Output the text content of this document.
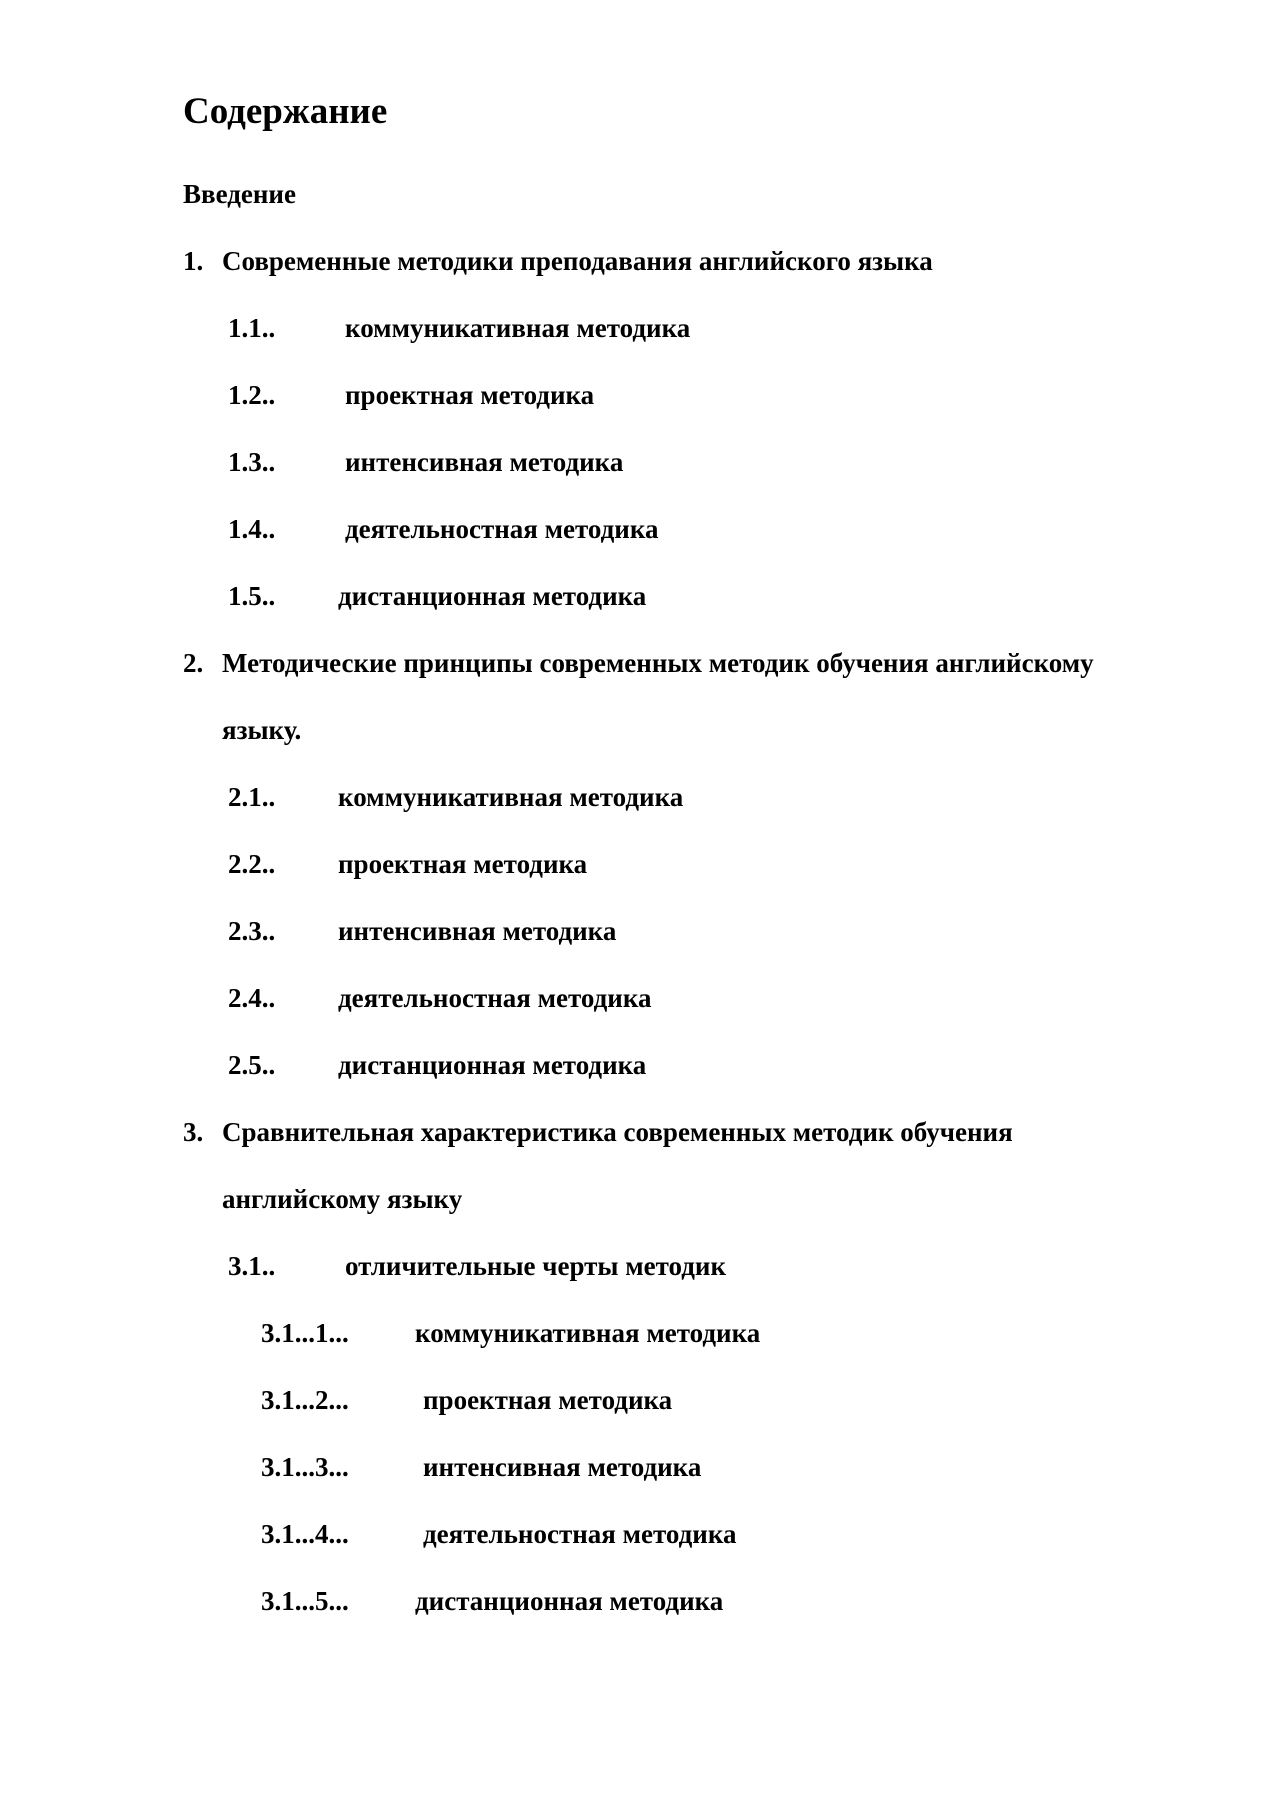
Содержание
Введение
1. Современные методики преподавания английского языка
1.1..	коммуникативная методика
1.2..	проектная методика
1.3..	интенсивная методика
1.4..	деятельностная методика
1.5.. дистанционная методика
2. Методические принципы современных методик обучения английскому
языку.
2.1.. коммуникативная методика
2.2.. проектная методика
2.3.. интенсивная методика
2.4.. деятельностная методика
2.5.. дистанционная методика
3. Сравнительная характеристика современных методик обучения
английскому языку
3.1..	отличительные черты методик
3.1...1... коммуникативная методика
3.1...2...	проектная методика
3.1...3...	интенсивная методика
3.1...4...	деятельностная методика
3.1...5... дистанционная методика
